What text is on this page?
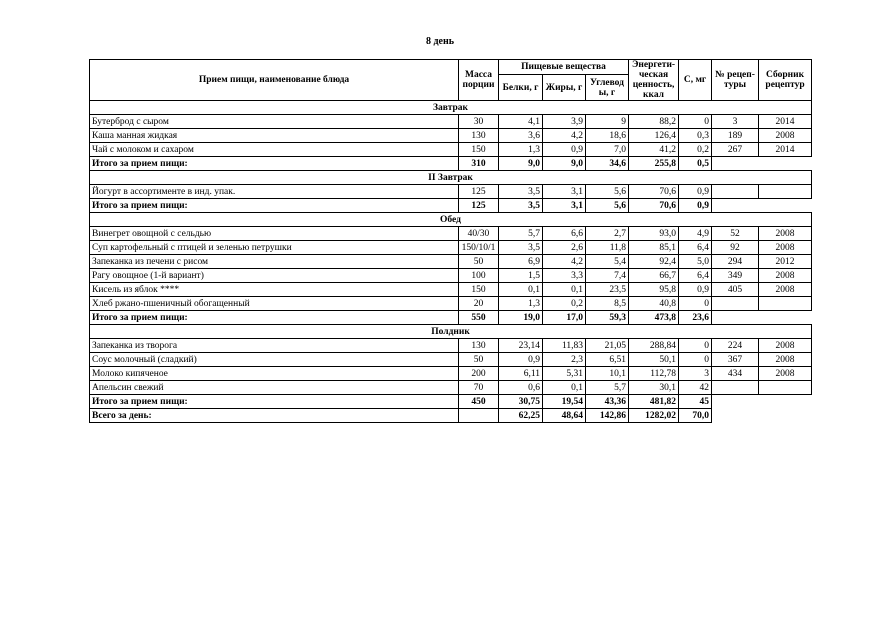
8 день
Прием пищи, наименование блюда	Масса порции	Пищевые вещества			Энергети-ческая ценность, ккал	С, мг	№ рецеп-туры	Сборник рецептур
		Белки, г	Жиры, г	Углевод ы, г				
Завтрак								
Бутерброд с сыром	30	4,1	3,9	9	88,2	0	3	2014
Каша манная жидкая	130	3,6	4,2	18,6	126,4	0,3	189	2008
Чай с молоком и сахаром	150	1,3	0,9	7,0	41,2	0,2	267	2014
Итого за прием пищи:	310	9,0	9,0	34,6	255,8	0,5		
II Завтрак								
Йогурт в ассортименте в инд. упак.	125	3,5	3,1	5,6	70,6	0,9		
Итого за прием пищи:	125	3,5	3,1	5,6	70,6	0,9		
Обед								
Винегрет овощной с сельдью	40/30	5,7	6,6	2,7	93,0	4,9	52	2008
Суп картофельный с птицей и зеленью петрушки	150/10/1	3,5	2,6	11,8	85,1	6,4	92	2008
Запеканка из печени с рисом	50	6,9	4,2	5,4	92,4	5,0	294	2012
Рагу овощное (1-й вариант)	100	1,5	3,3	7,4	66,7	6,4	349	2008
Кисель из яблок ****	150	0,1	0,1	23,5	95,8	0,9	405	2008
Хлеб ржано-пшеничный обогащенный	20	1,3	0,2	8,5	40,8	0		
Итого за прием пищи:	550	19,0	17,0	59,3	473,8	23,6		
Полдник								
Запеканка из творога	130	23,14	11,83	21,05	288,84	0	224	2008
Соус молочный (сладкий)	50	0,9	2,3	6,51	50,1	0	367	2008
Молоко кипяченое	200	6,11	5,31	10,1	112,78	3	434	2008
Апельсин свежий	70	0,6	0,1	5,7	30,1	42		
Итого за прием пищи:	450	30,75	19,54	43,36	481,82	45		
Всего за день:		62,25	48,64	142,86	1282,02	70,0		
